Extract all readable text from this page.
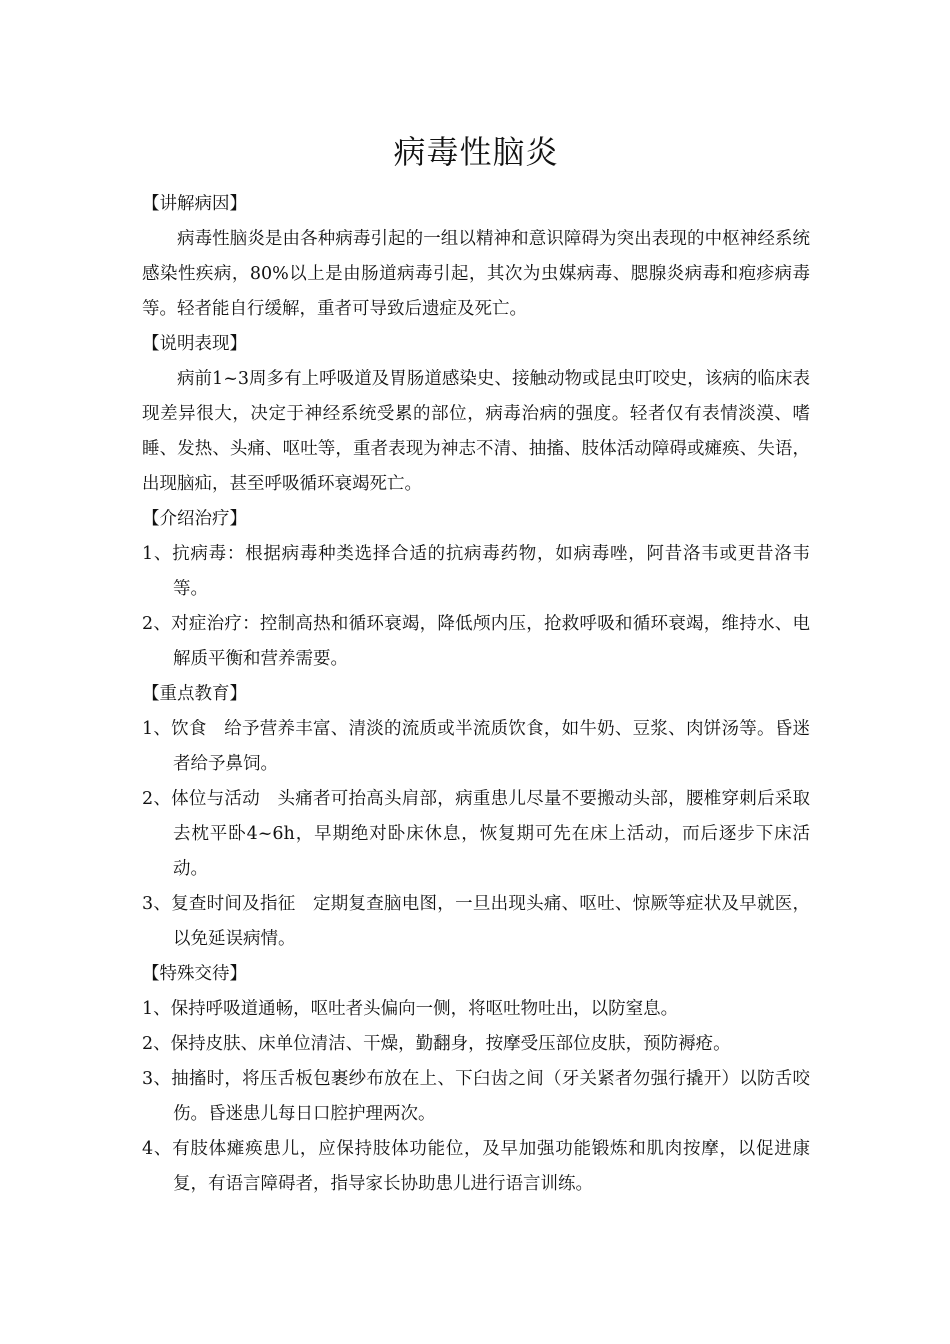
病毒性脑炎
【讲解病因】

病毒性脑炎是由各种病毒引起的一组以精神和意识障碍为突出表现的中枢神经系统感染性疾病，80%以上是由肠道病毒引起，其次为虫媒病毒、腮腺炎病毒和疱疹病毒等。轻者能自行缓解，重者可导致后遗症及死亡。

【说明表现】

病前1~3周多有上呼吸道及胃肠道感染史、接触动物或昆虫叮咬史，该病的临床表现差异很大，决定于神经系统受累的部位，病毒治病的强度。轻者仅有表情淡漠、嗜睡、发热、头痛、呕吐等，重者表现为神志不清、抽搐、肢体活动障碍或瘫痪、失语，出现脑疝，甚至呼吸循环衰竭死亡。

【介绍治疗】
1、抗病毒：根据病毒种类选择合适的抗病毒药物，如病毒唑，阿昔洛韦或更昔洛韦等。
2、对症治疗：控制高热和循环衰竭，降低颅内压，抢救呼吸和循环衰竭，维持水、电解质平衡和营养需要。
【重点教育】
1、饮食 给予营养丰富、清淡的流质或半流质饮食，如牛奶、豆浆、肉饼汤等。昏迷者给予鼻饲。
2、体位与活动 头痛者可抬高头肩部，病重患儿尽量不要搬动头部，腰椎穿刺后采取去枕平卧4~6h，早期绝对卧床休息，恢复期可先在床上活动，而后逐步下床活动。
3、复查时间及指征 定期复查脑电图，一旦出现头痛、呕吐、惊厥等症状及早就医，以免延误病情。
【特殊交待】
1、保持呼吸道通畅，呕吐者头偏向一侧，将呕吐物吐出，以防窒息。
2、保持皮肤、床单位清洁、干燥，勤翻身，按摩受压部位皮肤，预防褥疮。
3、抽搐时，将压舌板包裹纱布放在上、下臼齿之间（牙关紧者勿强行撬开）以防舌咬伤。昏迷患儿每日口腔护理两次。
4、有肢体瘫痪患儿，应保持肢体功能位，及早加强功能锻炼和肌肉按摩，以促进康复，有语言障碍者，指导家长协助患儿进行语言训练。
